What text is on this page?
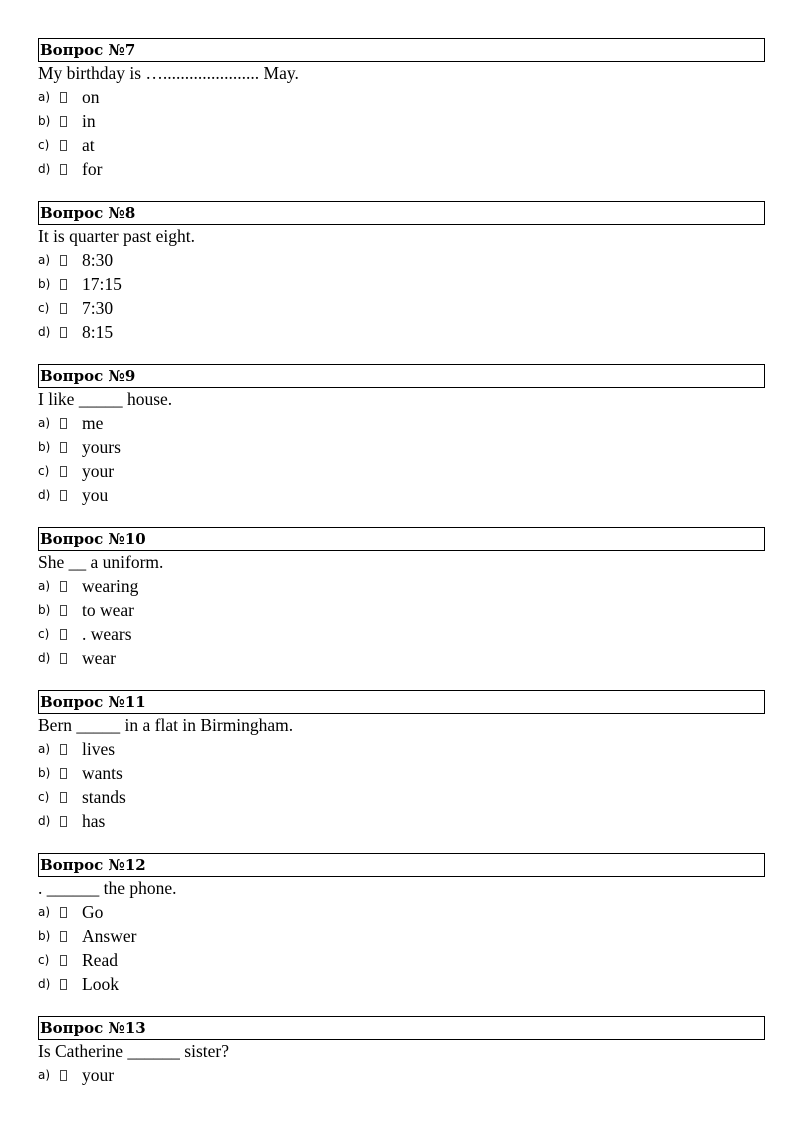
Вопрос №7
My birthday is …...................... May.
a)	on
b)	in
c)	at
d)	for
Вопрос №8
It is quarter past eight.
a)	8:30
b)	17:15
c)	7:30
d)	8:15
Вопрос №9
I like _____ house.
a)	me
b)	yours
c)	your
d)	you
Вопрос №10
She __ a uniform.
a)	wearing
b)	to wear
c)	. wears
d)	wear
Вопрос №11
Bern _____ in a flat in Birmingham.
a)	lives
b)	wants
c)	stands
d)	has
Вопрос №12
. ______ the phone.
a)	Go
b)	Answer
c)	Read
d)	Look
Вопрос №13
Is Catherine ______ sister?
a)	your
